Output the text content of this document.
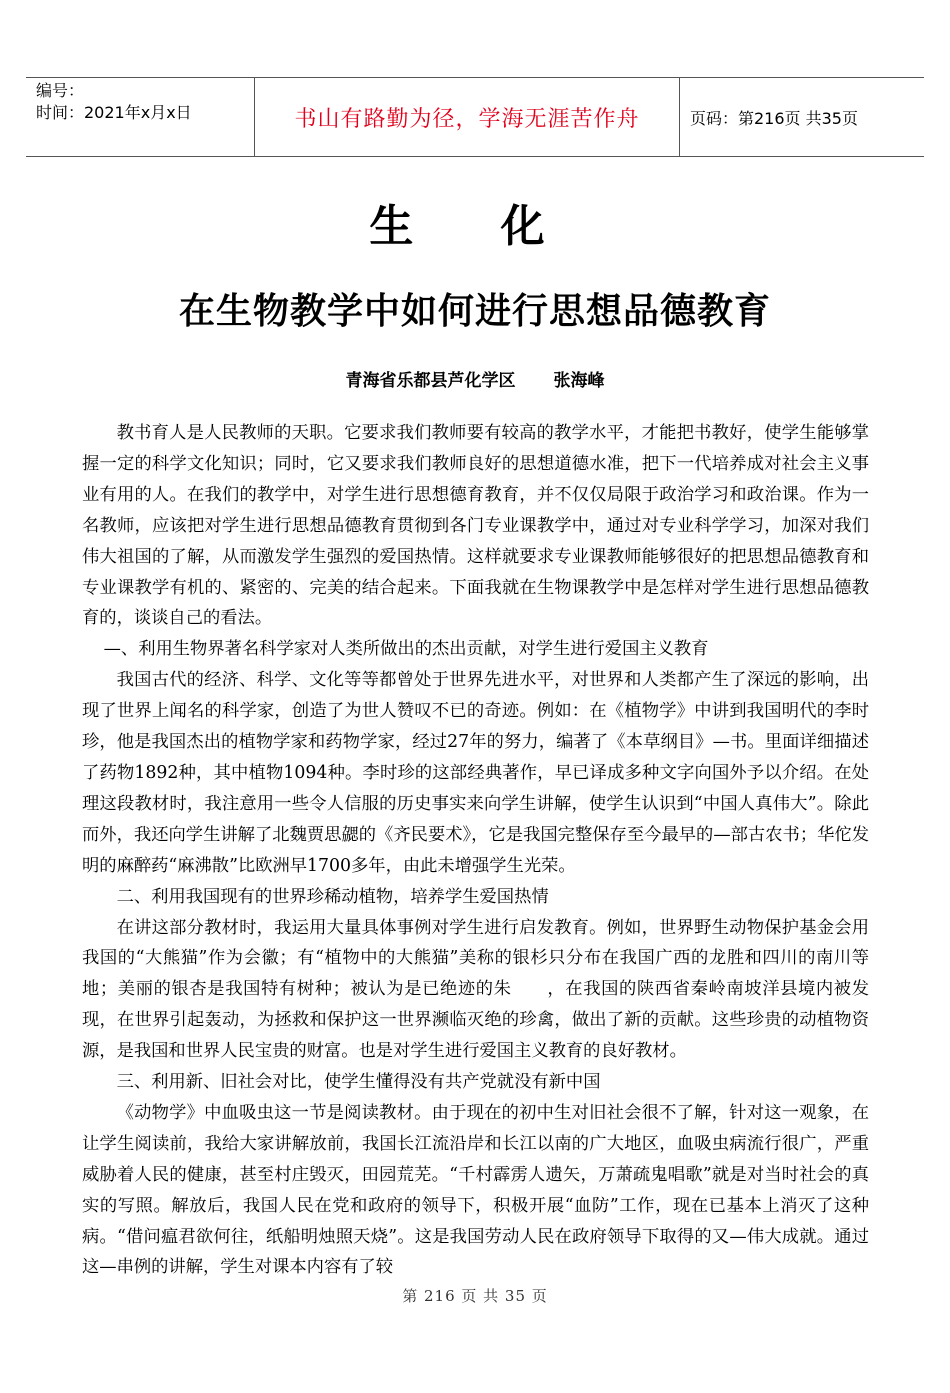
编号：
时间：2021年x月x日	书山有路勤为径，学海无涯苦作舟	页码：第216页 共35页
生 化
在生物教学中如何进行思想品德教育
青海省乐都县芦化学区 张海峰

教书育人是人民教师的天职。它要求我们教师要有较高的教学水平，才能把书教好，使学生能够掌握一定的科学文化知识；同时，它又要求我们教师良好的思想道德水准，把下一代培养成对社会主义事业有用的人。在我们的教学中，对学生进行思想德育教育，并不仅仅局限于政治学习和政治课。作为一名教师，应该把对学生进行思想品德教育贯彻到各门专业课教学中，通过对专业科学学习，加深对我们伟大祖国的了解，从而激发学生强烈的爱国热情。这样就要求专业课教师能够很好的把思想品德教育和专业课教学有机的、紧密的、完美的结合起来。下面我就在生物课教学中是怎样对学生进行思想品德教育的，谈谈自己的看法。

—、利用生物界著名科学家对人类所做出的杰出贡献，对学生进行爱国主义教育

我国古代的经济、科学、文化等等都曾处于世界先进水平，对世界和人类都产生了深远的影响，出现了世界上闻名的科学家，创造了为世人赞叹不已的奇迹。例如：在《植物学》中讲到我国明代的李时珍，他是我国杰出的植物学家和药物学家，经过27年的努力，编著了《本草纲目》—书。里面详细描述了药物1892种，其中植物1094种。李时珍的这部经典著作，早已译成多种文字向国外予以介绍。在处理这段教材时，我注意用一些令人信服的历史事实来向学生讲解，使学生认识到“中国人真伟大”。除此而外，我还向学生讲解了北魏贾思勰的《齐民要术》，它是我国完整保存至今最早的—部古农书；华佗发明的麻醉药“麻沸散”比欧洲早1700多年，由此未增强学生光荣。

二、利用我国现有的世界珍稀动植物，培养学生爱国热情

在讲这部分教材时，我运用大量具体事例对学生进行启发教育。例如，世界野生动物保护基金会用我国的“大熊猫”作为会徽；有“植物中的大熊猫”美称的银杉只分布在我国广西的龙胜和四川的南川等地；美丽的银杏是我国特有树种；被认为是已绝迹的朱　　，在我国的陕西省秦岭南坡洋县境内被发现，在世界引起轰动，为拯救和保护这一世界濒临灭绝的珍禽，做出了新的贡献。这些珍贵的动植物资源，是我国和世界人民宝贵的财富。也是对学生进行爱国主义教育的良好教材。

三、利用新、旧社会对比，使学生懂得没有共产党就没有新中国

《动物学》中血吸虫这一节是阅读教材。由于现在的初中生对旧社会很不了解，针对这一观象，在让学生阅读前，我给大家讲解放前，我国长江流沿岸和长江以南的广大地区，血吸虫病流行很广，严重威胁着人民的健康，甚至村庄毁灭，田园荒芜。“千村霹雳人遗矢，万萧疏鬼唱歌”就是对当时社会的真实的写照。解放后，我国人民在党和政府的领导下，积极开展“血防”工作，现在已基本上消灭了这种病。“借问瘟君欲何往，纸船明烛照天烧”。这是我国劳动人民在政府领导下取得的又—伟大成就。通过这—串例的讲解，学生对课本内容有了较

第 216 页 共 35 页
